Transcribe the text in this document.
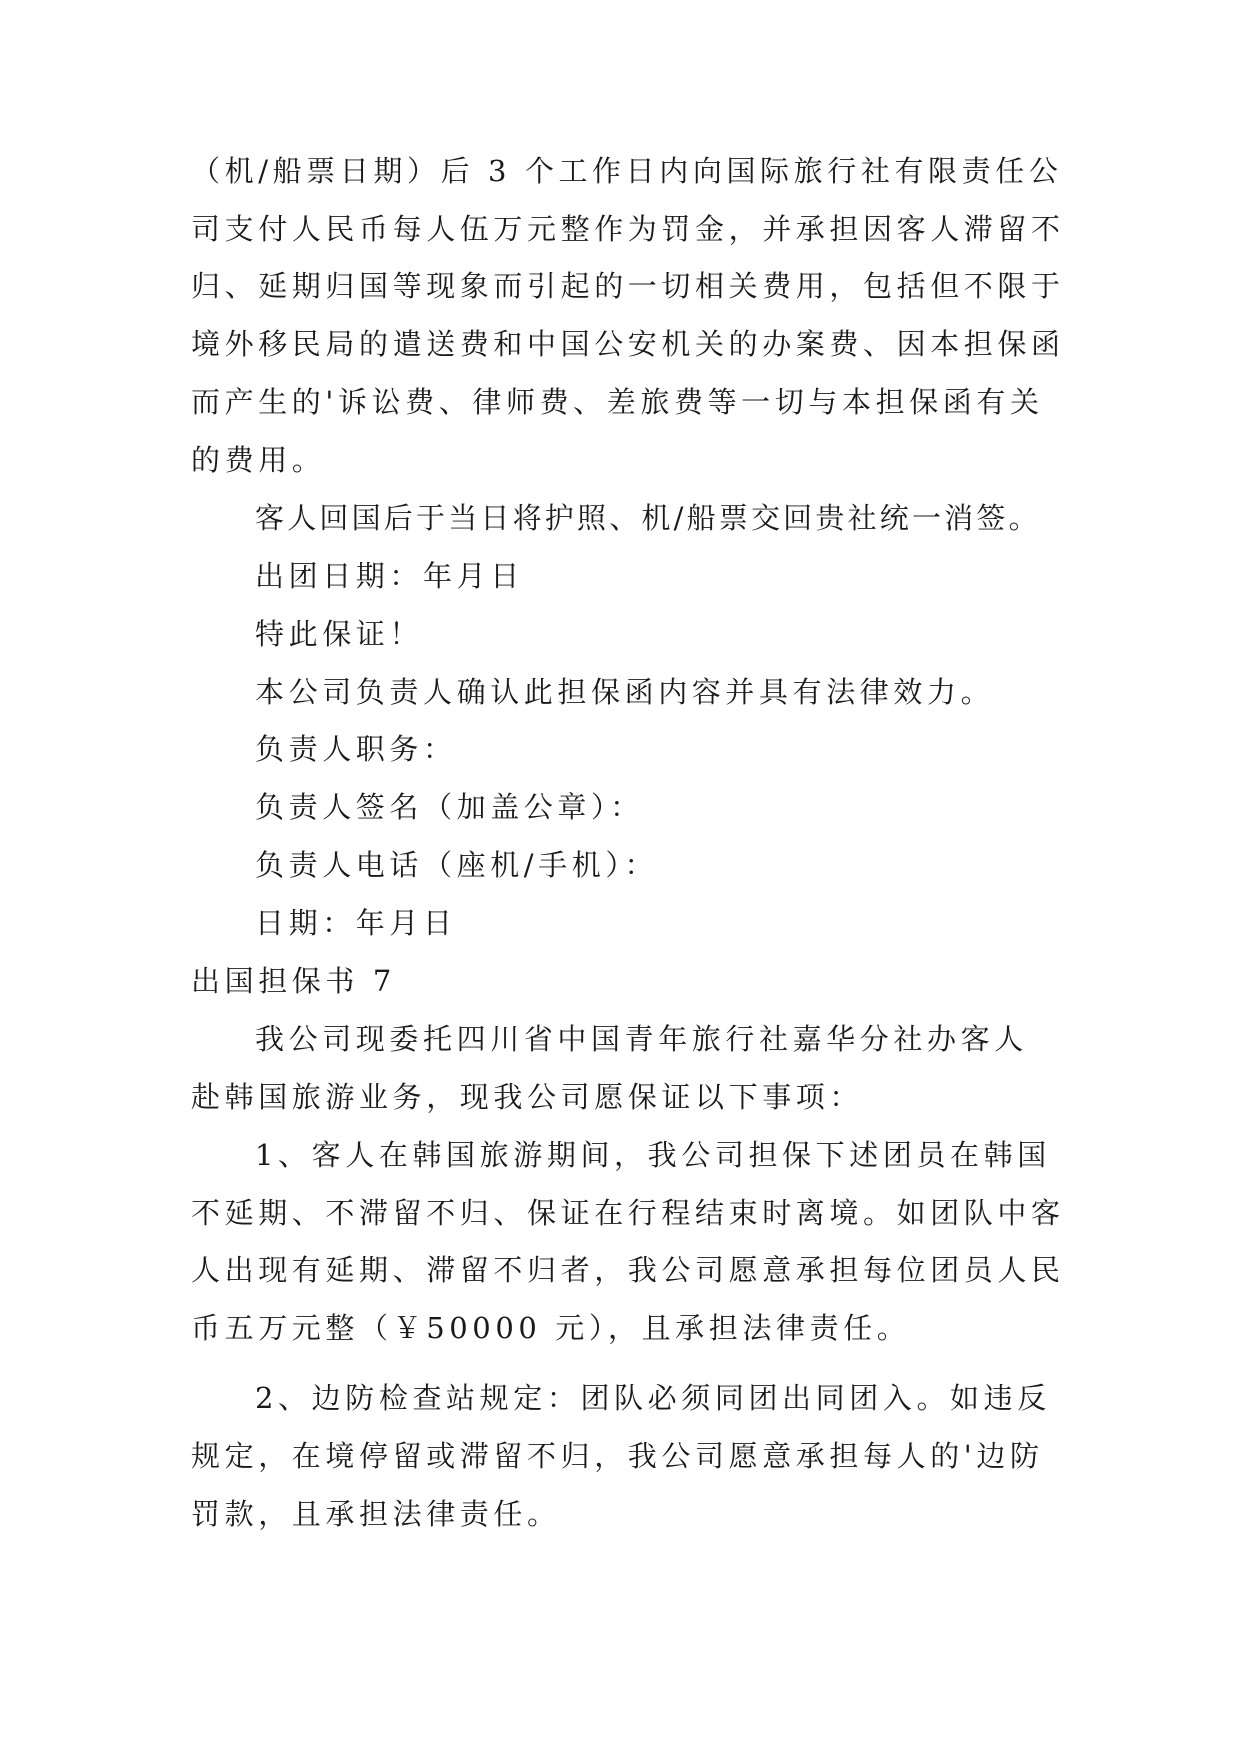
（机/船票日期）后 3 个工作日内向国际旅行社有限责任公
司支付人民币每人伍万元整作为罚金，并承担因客人滞留不
归、延期归国等现象而引起的一切相关费用，包括但不限于
境外移民局的遣送费和中国公安机关的办案费、因本担保函
而产生的'诉讼费、律师费、差旅费等一切与本担保函有关
的费用。
客人回国后于当日将护照、机/船票交回贵社统一消签。
出团日期：年月日
特此保证！
本公司负责人确认此担保函内容并具有法律效力。
负责人职务：
负责人签名（加盖公章）：
负责人电话（座机/手机）：
日期：年月日
出国担保书 7
我公司现委托四川省中国青年旅行社嘉华分社办客人
赴韩国旅游业务，现我公司愿保证以下事项：
1、客人在韩国旅游期间，我公司担保下述团员在韩国
不延期、不滞留不归、保证在行程结束时离境。如团队中客
人出现有延期、滞留不归者，我公司愿意承担每位团员人民
币五万元整（￥50000 元），且承担法律责任。
2、边防检查站规定：团队必须同团出同团入。如违反
规定，在境停留或滞留不归，我公司愿意承担每人的'边防
罚款，且承担法律责任。
